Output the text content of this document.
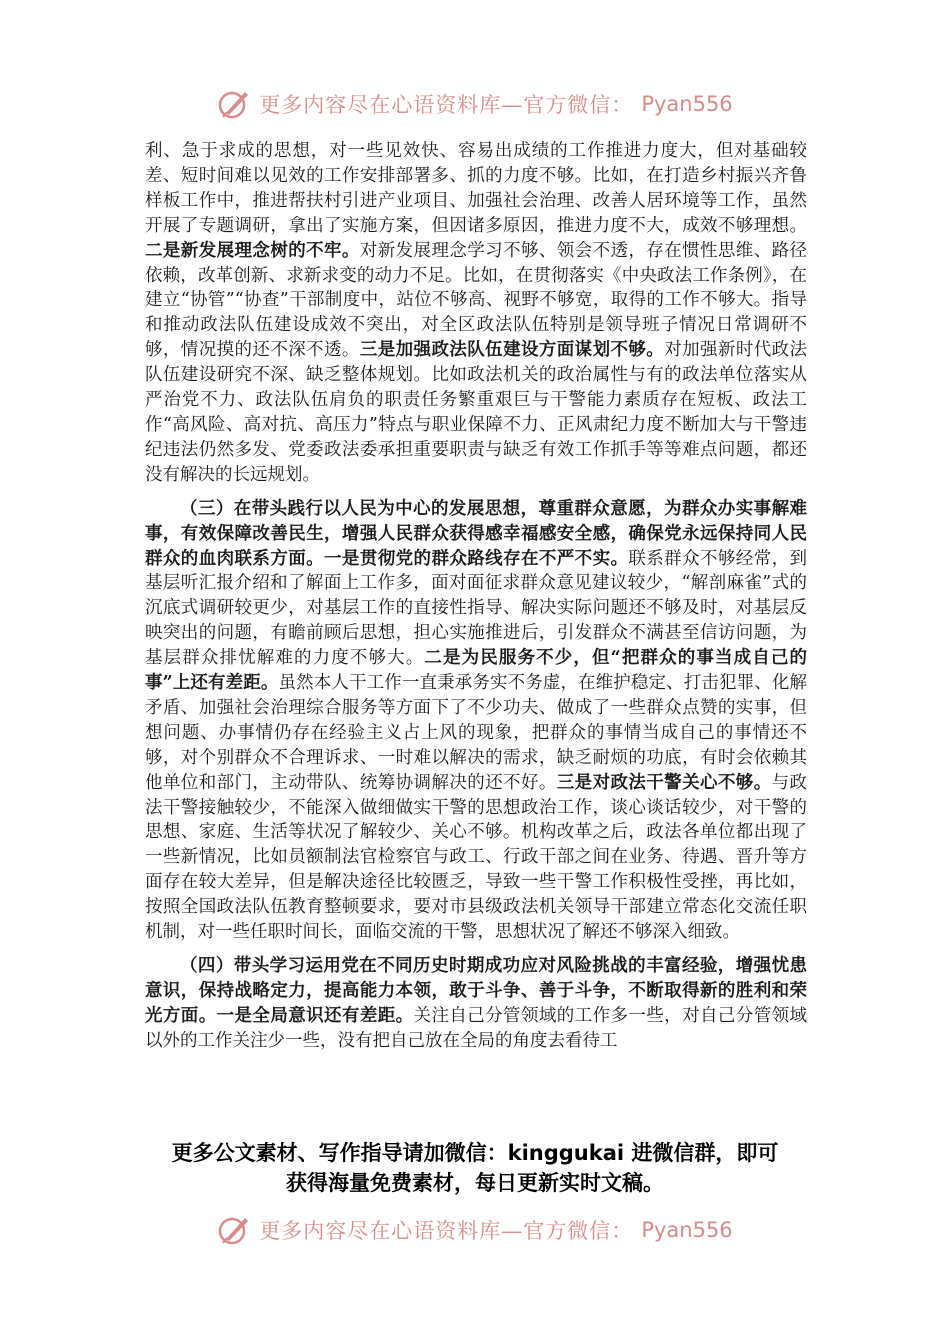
更多内容尽在心语资料库—官方微信： Pyan556

利、急于求成的思想，对一些见效快、容易出成绩的工作推进力度大，但对基础较差、短时间难以见效的工作安排部署多、抓的力度不够。比如，在打造乡村振兴齐鲁样板工作中，推进帮扶村引进产业项目、加强社会治理、改善人居环境等工作，虽然开展了专题调研，拿出了实施方案，但因诸多原因，推进力度不大，成效不够理想。二是新发展理念树的不牢。对新发展理念学习不够、领会不透，存在惯性思维、路径依赖，改革创新、求新求变的动力不足。比如，在贯彻落实《中央政法工作条例》，在建立“协管”“协查”干部制度中，站位不够高、视野不够宽，取得的工作不够大。指导和推动政法队伍建设成效不突出，对全区政法队伍特别是领导班子情况日常调研不够，情况摸的还不深不透。三是加强政法队伍建设方面谋划不够。对加强新时代政法队伍建设研究不深、缺乏整体规划。比如政法机关的政治属性与有的政法单位落实从严治党不力、政法队伍肩负的职责任务繁重艰巨与干警能力素质存在短板、政法工作“高风险、高对抗、高压力”特点与职业保障不力、正风肃纪力度不断加大与干警违纪违法仍然多发、党委政法委承担重要职责与缺乏有效工作抓手等等难点问题，都还没有解决的长远规划。

（三）在带头践行以人民为中心的发展思想，尊重群众意愿，为群众办实事解难事，有效保障改善民生，增强人民群众获得感幸福感安全感，确保党永远保持同人民群众的血肉联系方面。一是贯彻党的群众路线存在不严不实。联系群众不够经常，到基层听汇报介绍和了解面上工作多，面对面征求群众意见建议较少，“解剖麻雀”式的沉底式调研较更少，对基层工作的直接性指导、解决实际问题还不够及时，对基层反映突出的问题，有瞻前顾后思想，担心实施推进后，引发群众不满甚至信访问题，为基层群众排忧解难的力度不够大。二是为民服务不少，但“把群众的事当成自己的事”上还有差距。虽然本人干工作一直秉承务实不务虚，在维护稳定、打击犯罪、化解矛盾、加强社会治理综合服务等方面下了不少功夫、做成了一些群众点赞的实事，但想问题、办事情仍存在经验主义占上风的现象，把群众的事情当成自己的事情还不够，对个别群众不合理诉求、一时难以解决的需求，缺乏耐烦的功底，有时会依赖其他单位和部门，主动带队、统筹协调解决的还不好。三是对政法干警关心不够。与政法干警接触较少，不能深入做细做实干警的思想政治工作，谈心谈话较少，对干警的思想、家庭、生活等状况了解较少、关心不够。机构改革之后，政法各单位都出现了一些新情况，比如员额制法官检察官与政工、行政干部之间在业务、待遇、晋升等方面存在较大差异，但是解决途径比较匮乏，导致一些干警工作积极性受挫，再比如，按照全国政法队伍教育整顿要求，要对市县级政法机关领导干部建立常态化交流任职机制，对一些任职时间长，面临交流的干警，思想状况了解还不够深入细致。

（四）带头学习运用党在不同历史时期成功应对风险挑战的丰富经验，增强忧患意识，保持战略定力，提高能力本领，敢于斗争、善于斗争，不断取得新的胜利和荣光方面。一是全局意识还有差距。关注自己分管领域的工作多一些，对自己分管领域以外的工作关注少一些，没有把自己放在全局的角度去看待工

更多公文素材、写作指导请加微信：kinggukai 进微信群，即可
获得海量免费素材，每日更新实时文稿。
更多内容尽在心语资料库—官方微信： Pyan556
